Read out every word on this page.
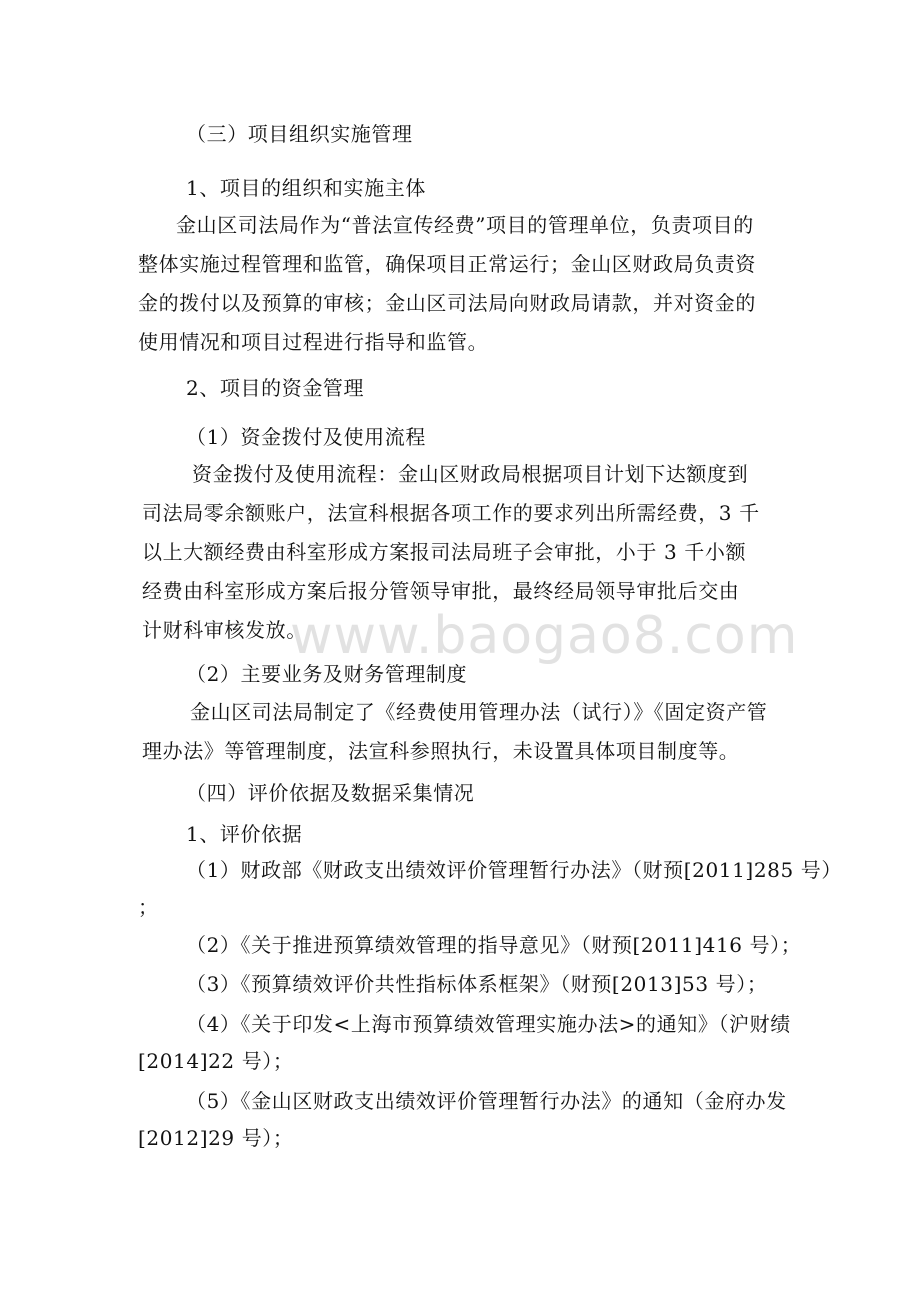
www.baogao8.com
（三）项目组织实施管理
1、项目的组织和实施主体
金山区司法局作为“普法宣传经费”项目的管理单位，负责项目的
整体实施过程管理和监管，确保项目正常运行；金山区财政局负责资
金的拨付以及预算的审核；金山区司法局向财政局请款，并对资金的
使用情况和项目过程进行指导和监管。
2、项目的资金管理
（1）资金拨付及使用流程
资金拨付及使用流程：金山区财政局根据项目计划下达额度到
司法局零余额账户，法宣科根据各项工作的要求列出所需经费，3 千
以上大额经费由科室形成方案报司法局班子会审批，小于 3 千小额
经费由科室形成方案后报分管领导审批，最终经局领导审批后交由
计财科审核发放。
（2）主要业务及财务管理制度
金山区司法局制定了《经费使用管理办法（试行）》《固定资产管
理办法》等管理制度，法宣科参照执行，未设置具体项目制度等。
（四）评价依据及数据采集情况
1、评价依据
（1）财政部《财政支出绩效评价管理暂行办法》（财预[2011]285 号）
；
（2）《关于推进预算绩效管理的指导意见》（财预[2011]416 号）；
（3）《预算绩效评价共性指标体系框架》（财预[2013]53 号）；
（4）《关于印发<上海市预算绩效管理实施办法>的通知》（沪财绩
[2014]22 号）；
（5）《金山区财政支出绩效评价管理暂行办法》的通知（金府办发
[2012]29 号）；
